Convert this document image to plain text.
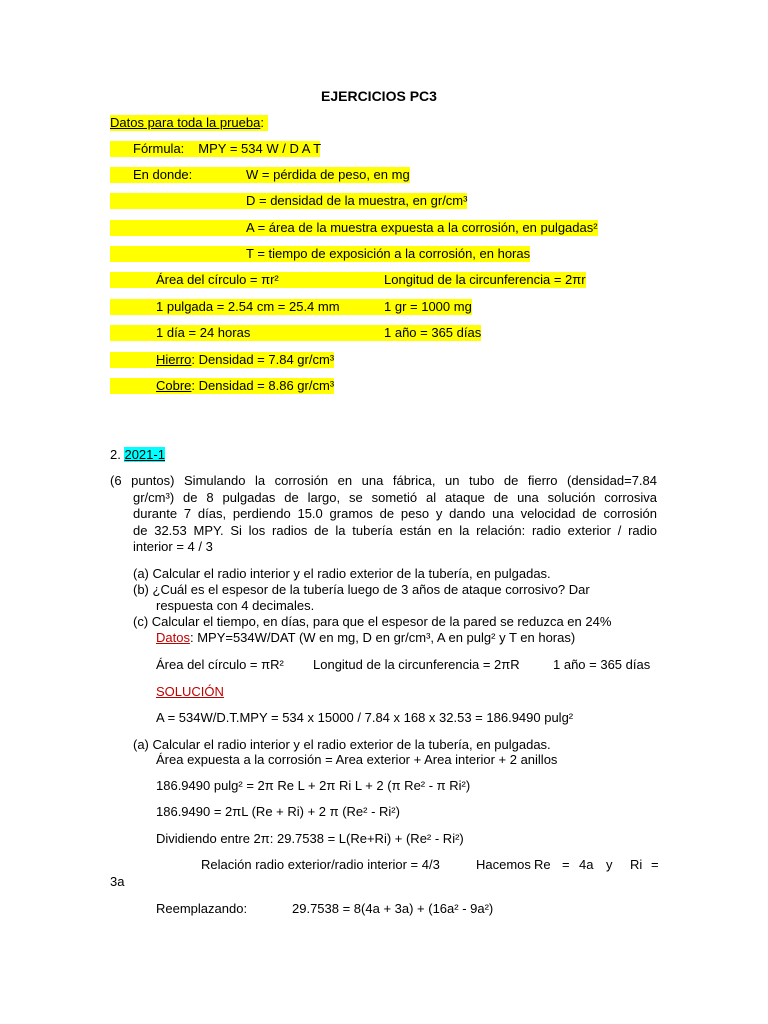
EJERCICIOS PC3
Datos para toda la prueba:
Fórmula: MPY = 534 W / D A T
En donde:	W = pérdida de peso, en mg

D = densidad de la muestra, en gr/cm³

A = área de la muestra expuesta a la corrosión, en pulgadas²

T = tiempo de exposición a la corrosión, en horas
Área del círculo = πr²	Longitud de la circunferencia = 2πr
1 pulgada = 2.54 cm = 25.4 mm	1 gr = 1000 mg
1 día = 24 horas	1 año = 365 días
Hierro: Densidad = 7.84 gr/cm³
Cobre: Densidad = 8.86 gr/cm³
2. 2021-1
(6 puntos) Simulando la corrosión en una fábrica, un tubo de fierro (densidad=7.84
gr/cm³) de 8 pulgadas de largo, se sometió al ataque de una solución corrosiva
durante 7 días, perdiendo 15.0 gramos de peso y dando una velocidad de corrosión
de 32.53 MPY. Si los radios de la tubería están en la relación: radio exterior / radio
interior = 4 / 3
(a) Calcular el radio interior y el radio exterior de la tubería, en pulgadas.
(b) ¿Cuál es el espesor de la tubería luego de 3 años de ataque corrosivo? Dar
respuesta con 4 decimales.
(c) Calcular el tiempo, en días, para que el espesor de la pared se reduzca en 24%
Datos: MPY=534W/DAT (W en mg, D en gr/cm³, A en pulg² y T en horas)
Área del círculo = πR² Longitud de la circunferencia = 2πR	1 año = 365 días
SOLUCIÓN
A = 534W/D.T.MPY = 534 x 15000 / 7.84 x 168 x 32.53 = 186.9490 pulg²
(a) Calcular el radio interior y el radio exterior de la tubería, en pulgadas.
Área expuesta a la corrosión = Area exterior + Area interior + 2 anillos
186.9490 pulg² = 2π Re L + 2π Ri L + 2 (π Re² - π Ri²)
186.9490 = 2πL (Re + Ri) + 2 π (Re² - Ri²)
Dividiendo entre 2π: 29.7538 = L(Re+Ri) + (Re² - Ri²)
Relación radio exterior/radio interior = 4/3	Hacemos Re = 4a y Ri =
3a
Reemplazando:	29.7538 = 8(4a + 3a) + (16a² - 9a²)
